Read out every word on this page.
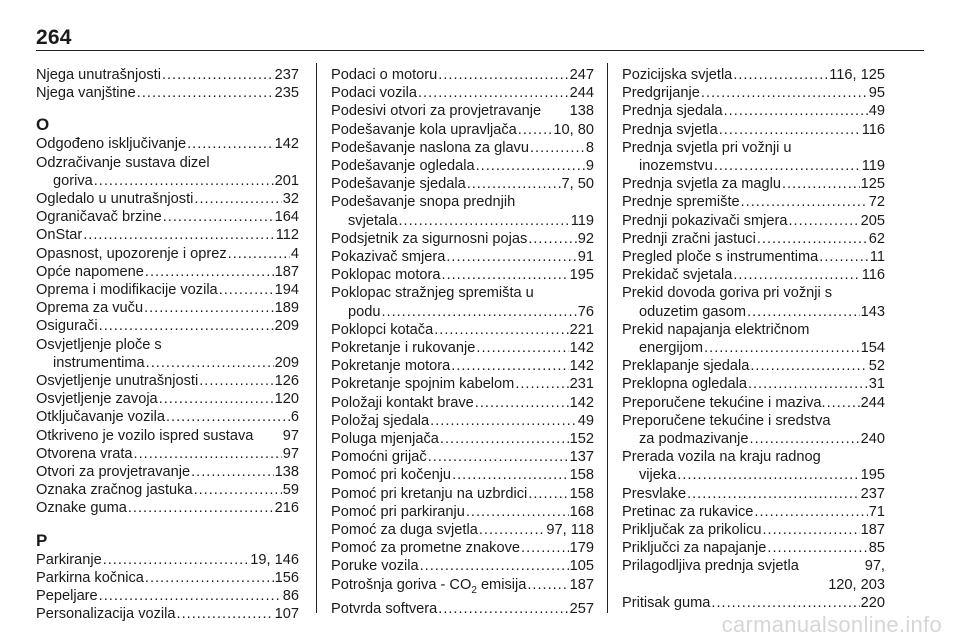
264
Njega unutrašnjosti .....	237
Njega vanjštine .....	235
O
Odgođeno isključivanje .....	142
Odzračivanje sustava dizel
goriva .....	201
Ogledalo u unutrašnjosti .....	32
Ograničavač brzine .....	164
OnStar .....	112
Opasnost, upozorenje i oprez .....	4
Opće napomene .....	187
Oprema i modifikacije vozila .....	194
Oprema za vuču .....	189
Osigurači .....	209
Osvjetljenje ploče s
instrumentima .....	209
Osvjetljenje unutrašnjosti .....	126
Osvjetljenje zavoja .....	120
Otključavanje vozila .....	6
Otkriveno je vozilo ispred sustava 97
Otvorena vrata .....	97
Otvori za provjetravanje .....	138
Oznaka zračnog jastuka .....	59
Oznake guma .....	216
P
Parkiranje .....	19, 146
Parkirna kočnica .....	156
Pepeljare .....	86
Personalizacija vozila .....	107
Podaci o motoru .....	247
Podaci vozila .....	244
Podesivi otvori za provjetravanje 138
Podešavanje kola upravljača .....	10, 80
Podešavanje naslona za glavu .....	8
Podešavanje ogledala .....	9
Podešavanje sjedala .....	7, 50
Podešavanje snopa prednjih
svjetala .....	119
Podsjetnik za sigurnosni pojas .....	92
Pokazivač smjera .....	91
Poklopac motora .....	195
Poklopac stražnjeg spremišta u
podu .....	76
Poklopci kotača .....	221
Pokretanje i rukovanje .....	142
Pokretanje motora .....	142
Pokretanje spojnim kabelom .....	231
Položaji kontakt brave .....	142
Položaj sjedala .....	49
Poluga mjenjača .....	152
Pomoćni grijač .....	137
Pomoć pri kočenju .....	158
Pomoć pri kretanju na uzbrdici .....	158
Pomoć pri parkiranju .....	168
Pomoć za duga svjetla .....	97, 118
Pomoć za prometne znakove .....	179
Poruke vozila .....	105
Potrošnja goriva - $CO_2$ emisija .....	187
Potvrda softvera .....	257
Pozicijska svjetla .....	116, 125
Predgrijanje .....	95
Prednja sjedala .....	49
Prednja svjetla .....	116
Prednja svjetla pri vožnji u
inozemstvu .....	119
Prednja svjetla za maglu .....	125
Prednje spremište .....	72
Prednji pokazivači smjera .....	205
Prednji zračni jastuci .....	62
Pregled ploče s instrumentima .....	11
Prekidač svjetala .....	116
Prekid dovoda goriva pri vožnji s
oduzetim gasom .....	143
Prekid napajanja električnom
energijom .....	154
Preklapanje sjedala .....	52
Preklopna ogledala .....	31
Preporučene tekućine i maziva. ..... 244
Preporučene tekućine i sredstva
za podmazivanje .....	240
Prerada vozila na kraju radnog
vijeka .....	195
Presvlake .....	237
Pretinac za rukavice .....	71
Priključak za prikolicu .....	187
Priključci za napajanje .....	85
Prilagodljiva prednja svjetla	97,
120, 203
Pritisak guma .....	220
carmanualsonline.info
